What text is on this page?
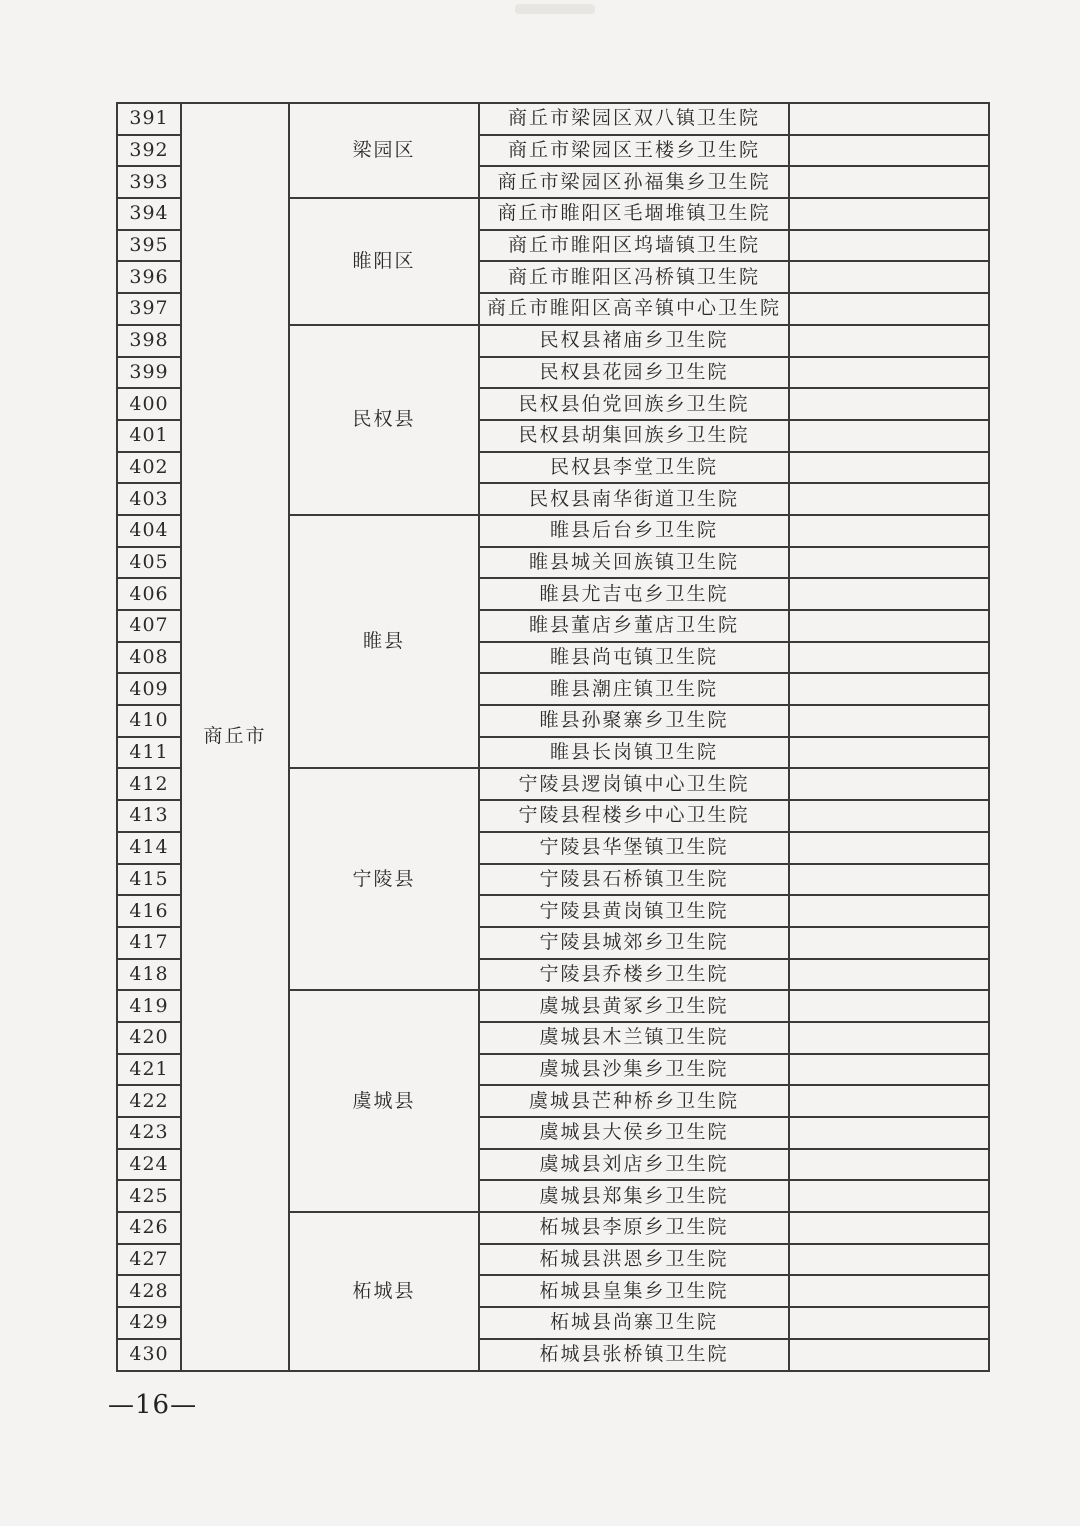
391	商丘市	梁园区	商丘市梁园区双八镇卫生院	
392			商丘市梁园区王楼乡卫生院	
393			商丘市梁园区孙福集乡卫生院	
394		睢阳区	商丘市睢阳区毛堌堆镇卫生院	
395			商丘市睢阳区坞墙镇卫生院	
396			商丘市睢阳区冯桥镇卫生院	
397			商丘市睢阳区高辛镇中心卫生院	
398		民权县	民权县褚庙乡卫生院	
399			民权县花园乡卫生院	
400			民权县伯党回族乡卫生院	
401			民权县胡集回族乡卫生院	
402			民权县李堂卫生院	
403			民权县南华街道卫生院	
404		睢县	睢县后台乡卫生院	
405			睢县城关回族镇卫生院	
406			睢县尤吉屯乡卫生院	
407			睢县董店乡董店卫生院	
408			睢县尚屯镇卫生院	
409			睢县潮庄镇卫生院	
410			睢县孙聚寨乡卫生院	
411			睢县长岗镇卫生院	
412		宁陵县	宁陵县逻岗镇中心卫生院	
413			宁陵县程楼乡中心卫生院	
414			宁陵县华堡镇卫生院	
415			宁陵县石桥镇卫生院	
416			宁陵县黄岗镇卫生院	
417			宁陵县城郊乡卫生院	
418			宁陵县乔楼乡卫生院	
419		虞城县	虞城县黄冢乡卫生院	
420			虞城县木兰镇卫生院	
421			虞城县沙集乡卫生院	
422			虞城县芒种桥乡卫生院	
423			虞城县大侯乡卫生院	
424			虞城县刘店乡卫生院	
425			虞城县郑集乡卫生院	
426		柘城县	柘城县李原乡卫生院	
427			柘城县洪恩乡卫生院	
428			柘城县皇集乡卫生院	
429			柘城县尚寨卫生院	
430			柘城县张桥镇卫生院	
—16—
